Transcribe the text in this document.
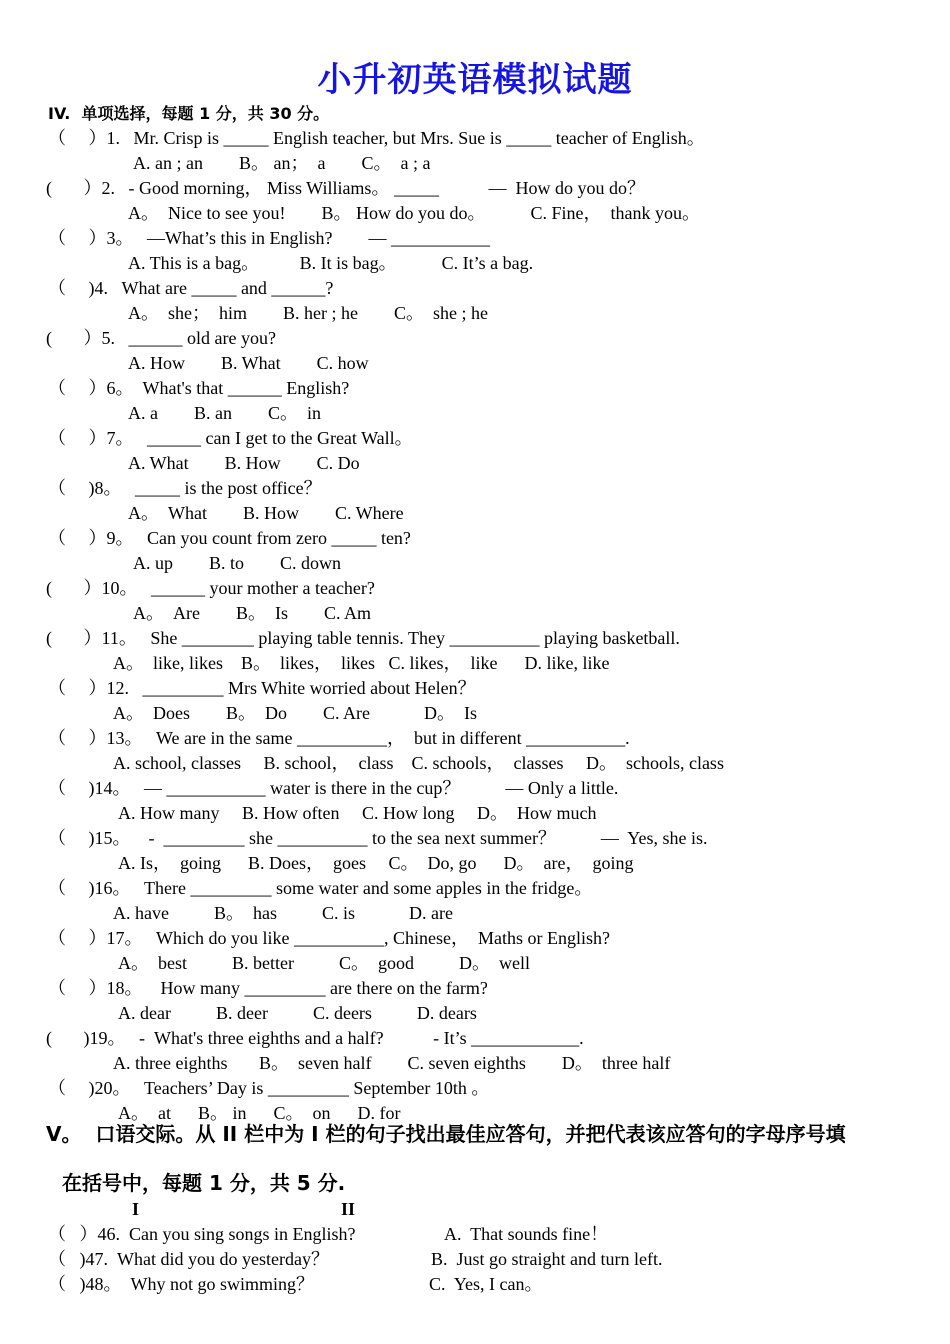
小升初英语模拟试题
IV.  单项选择，每题 1 分，共 30 分。
（     ）1.   Mr. Crisp is _____ English teacher, but Mrs. Sue is _____ teacher of English。
A. an ; an        B。 an；  a        C。  a ; a
(       ）2.   - Good morning， Miss Williams。 _____           —  How do you do？
A。  Nice to see you!        B。 How do you do。          C. Fine，  thank you。
（     ）3。   —What’s this in English?        — ___________
A. This is a bag。         B. It is bag。          C. It’s a bag.
（     )4.   What are _____ and ______?
A。  she；  him        B. her ; he        C。  she ; he
(       ）5.   ______ old are you?
A. How        B. What        C. how
（     ）6。  What's that ______ English?
A. a        B. an        C。  in
（     ）7。   ______ can I get to the Great Wall。
A. What        B. How        C. Do
（     )8。   _____ is the post office？
A。  What        B. How        C. Where
（     ）9。   Can you count from zero _____ ten?
A. up        B. to        C. down
(       ）10。   ______ your mother a teacher?
A。  Are        B。  Is        C. Am
(       ）11。   She ________ playing table tennis. They __________ playing basketball.
A。  like, likes    B。  likes，  likes   C. likes，  like      D. like, like
（     ）12.   _________ Mrs White worried about Helen？
A。  Does        B。  Do        C. Are            D。  Is
（     ）13。   We are in the same __________，  but in different ___________.
A. school, classes     B. school，  class    C. schools，  classes     D。  schools, class
（     )14。   — ___________ water is there in the cup？          — Only a little.
A. How many     B. How often     C. How long     D。  How much
（     )15。    -  _________ she __________ to the sea next summer？          —  Yes, she is.
A. Is，  going      B. Does，  goes     C。  Do, go      D。  are，  going
（     )16。   There _________ some water and some apples in the fridge。
A. have          B。  has          C. is            D. are
（     ）17。   Which do you like __________, Chinese，  Maths or English?
A。  best          B. better          C。  good          D。  well
（     ）18。    How many _________ are there on the farm?
A. dear          B. deer          C. deers          D. dears
(       )19。   -  What's three eighths and a half?           - It’s ____________.
A. three eighths       B。  seven half        C. seven eighths        D。  three half
（     )20。   Teachers’ Day is _________ September 10th 。
A。  at      B。 in      C。  on      D. for
V。  口语交际。从 II 栏中为 I 栏的句子找出最佳应答句，并把代表该应答句的字母序号填
在括号中，每题 1 分，共 5 分.
I	II
（   ）46.  Can you sing songs in English?	A.  That sounds fine！
（   )47.  What did you do yesterday？	B.  Just go straight and turn left.
（   )48。  Why not go swimming？	C.  Yes, I can。
